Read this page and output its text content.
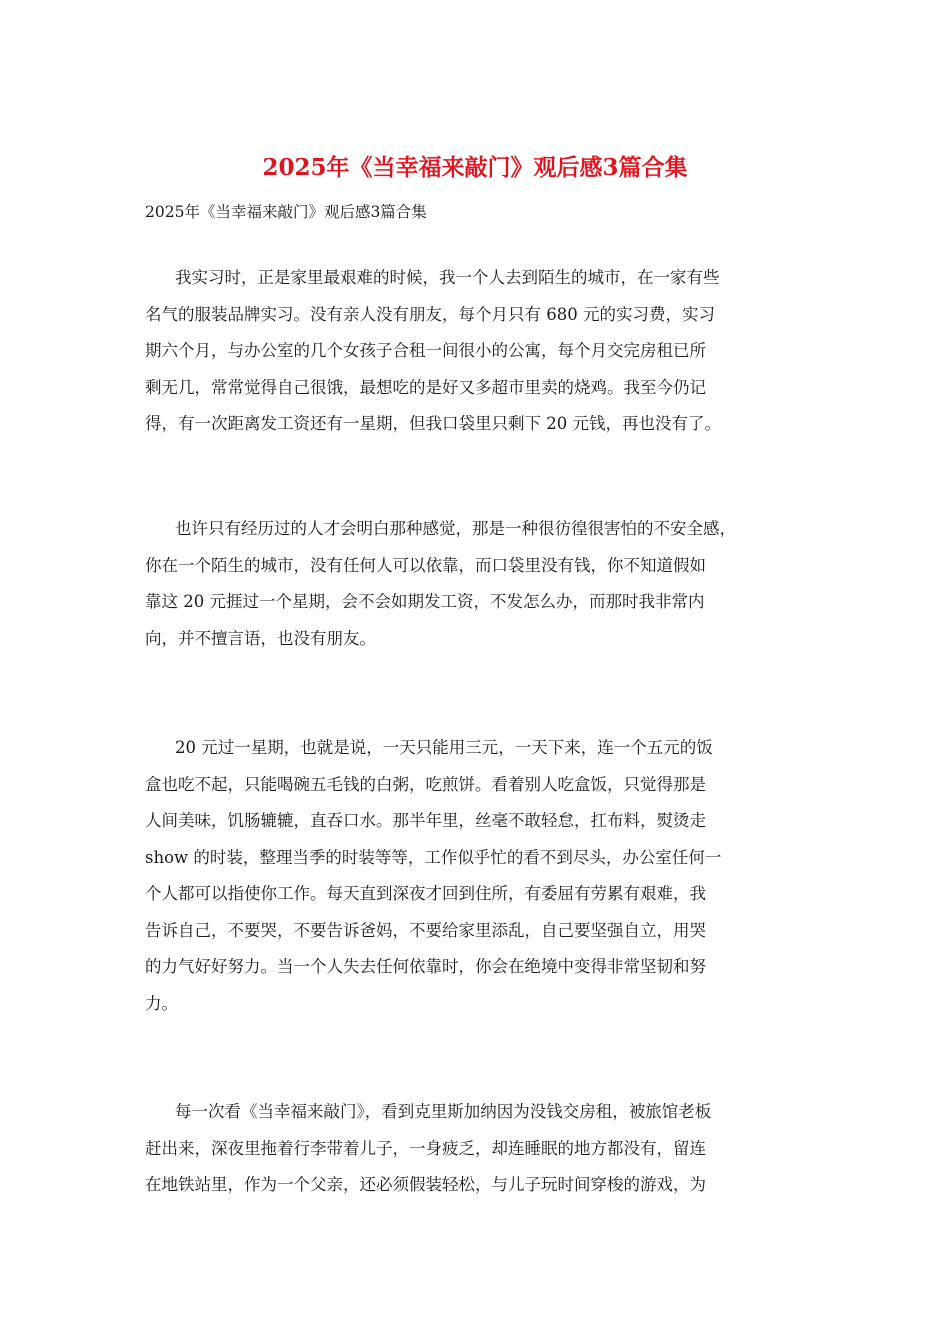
2025年《当幸福来敲门》观后感3篇合集

2025年《当幸福来敲门》观后感3篇合集

我实习时，正是家里最艰难的时候，我一个人去到陌生的城市，在一家有些
名气的服装品牌实习。没有亲人没有朋友，每个月只有 680 元的实习费，实习
期六个月，与办公室的几个女孩子合租一间很小的公寓，每个月交完房租已所
剩无几，常常觉得自己很饿，最想吃的是好又多超市里卖的烧鸡。我至今仍记
得，有一次距离发工资还有一星期，但我口袋里只剩下 20 元钱，再也没有了。
也许只有经历过的人才会明白那种感觉，那是一种很彷徨很害怕的不安全感，
你在一个陌生的城市，没有任何人可以依靠，而口袋里没有钱，你不知道假如
靠这 20 元捱过一个星期，会不会如期发工资，不发怎么办，而那时我非常内
向，并不擅言语，也没有朋友。
20 元过一星期，也就是说，一天只能用三元，一天下来，连一个五元的饭
盒也吃不起，只能喝碗五毛钱的白粥，吃煎饼。看着别人吃盒饭，只觉得那是
人间美味，饥肠辘辘，直吞口水。那半年里，丝毫不敢轻怠，扛布料，熨烫走
show 的时装，整理当季的时装等等，工作似乎忙的看不到尽头，办公室任何一
个人都可以指使你工作。每天直到深夜才回到住所，有委屈有劳累有艰难，我
告诉自己，不要哭，不要告诉爸妈，不要给家里添乱，自己要坚强自立，用哭
的力气好好努力。当一个人失去任何依靠时，你会在绝境中变得非常坚韧和努
力。
每一次看《当幸福来敲门》，看到克里斯加纳因为没钱交房租，被旅馆老板
赶出来，深夜里拖着行李带着儿子，一身疲乏，却连睡眠的地方都没有，留连
在地铁站里，作为一个父亲，还必须假装轻松，与儿子玩时间穿梭的游戏，为
